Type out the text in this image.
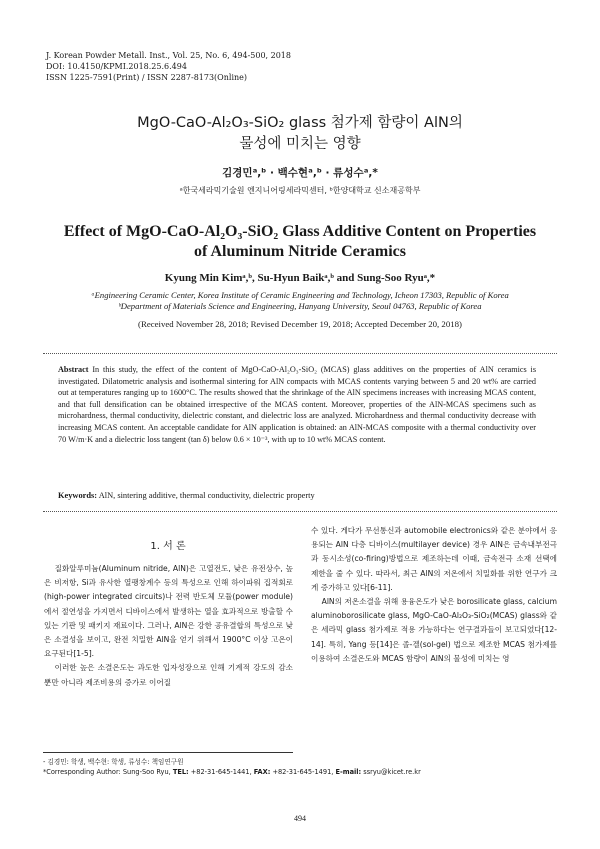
J. Korean Powder Metall. Inst., Vol. 25, No. 6, 494-500, 2018
DOI: 10.4150/KPMI.2018.25.6.494
ISSN 1225-7591(Print) / ISSN 2287-8173(Online)
MgO-CaO-Al₂O₃-SiO₂ glass 첨가제 함량이 AlN의
물성에 미치는 영향
김경민ᵃ,ᵇ · 백수현ᵃ,ᵇ · 류성수ᵃ,*
ᵃ한국세라믹기술원 엔지니어링세라믹센터, ᵇ한양대학교 신소재공학부
Effect of MgO-CaO-Al₂O₃-SiO₂ Glass Additive Content on Properties
of Aluminum Nitride Ceramics
Kyung Min Kimᵃ,ᵇ, Su-Hyun Baikᵃ,ᵇ and Sung-Soo Ryuᵃ,*
ᵃEngineering Ceramic Center, Korea Institute of Ceramic Engineering and Technology, Icheon 17303, Republic of Korea
ᵇDepartment of Materials Science and Engineering, Hanyang University, Seoul 04763, Republic of Korea
(Received November 28, 2018; Revised December 19, 2018; Accepted December 20, 2018)
Abstract In this study, the effect of the content of MgO-CaO-Al₂O₃-SiO₂ (MCAS) glass additives on the properties of AlN ceramics is investigated. Dilatometric analysis and isothermal sintering for AlN compacts with MCAS contents varying between 5 and 20 wt% are carried out at temperatures ranging up to 1600°C. The results showed that the shrinkage of the AlN specimens increases with increasing MCAS content, and that full densification can be obtained irrespective of the MCAS content. Moreover, properties of the AlN-MCAS specimens such as microhardness, thermal conductivity, dielectric constant, and dielectric loss are analyzed. Microhardness and thermal conductivity decrease with increasing MCAS content. An acceptable candidate for AlN application is obtained: an AlN-MCAS composite with a thermal conductivity over 70 W/m·K and a dielectric loss tangent (tan δ) below 0.6 × 10⁻³, with up to 10 wt% MCAS content.
Keywords: AlN, sintering additive, thermal conductivity, dielectric property
1. 서 론

질화알루미늄(Aluminum nitride, AlN)은 고열전도, 낮은 유전상수, 높은 비저항, Si과 유사한 열팽창계수 등의 특성으로 인해 하이파워 집적회로(high-power integrated circuits)나 전력 반도체 모듈(power module)에서 절연성을 가지면서 디바이스에서 발생하는 열을 효과적으로 방출할 수 있는 기판 및 패키지 재료이다. 그러나, AlN은 강한 공유결합의 특성으로 낮은 소결성을 보이고, 완전 치밀한 AlN을 얻기 위해서 1900°C 이상 고온이 요구된다[1-5].

이러한 높은 소결온도는 과도한 입자성장으로 인해 기계적 강도의 감소뿐만 아니라 제조비용의 증가로 이어질

수 있다. 게다가 무선통신과 automobile electronics와 같은 분야에서 응용되는 AlN 다층 디바이스(multilayer device) 경우 AlN은 금속내부전극과 동시소성(co-firing)방법으로 제조하는데 이때, 금속전극 소재 선택에 제한을 줄 수 있다. 따라서, 최근 AlN의 저온에서 치밀화를 위한 연구가 크게 증가하고 있다[6-11].

AlN의 저온소결을 위해 용융온도가 낮은 borosilicate glass, calcium aluminoborosilicate glass, MgO-CaO-Al₂O₃-SiO₂(MCAS) glass와 같은 세라믹 glass 첨가제로 적용 가능하다는 연구결과들이 보고되었다[12-14]. 특히, Yang 등[14]은 졸-겔(sol-gel) 법으로 제조한 MCAS 첨가제를 이용하여 소결온도와 MCAS 함량이 AlN의 물성에 미치는 영

- 김경민: 학생, 백수현: 학생, 류성수: 책임연구원
*Corresponding Author: Sung-Soo Ryu, TEL: +82-31-645-1441, FAX: +82-31-645-1491, E-mail: ssryu@kicet.re.kr
494
